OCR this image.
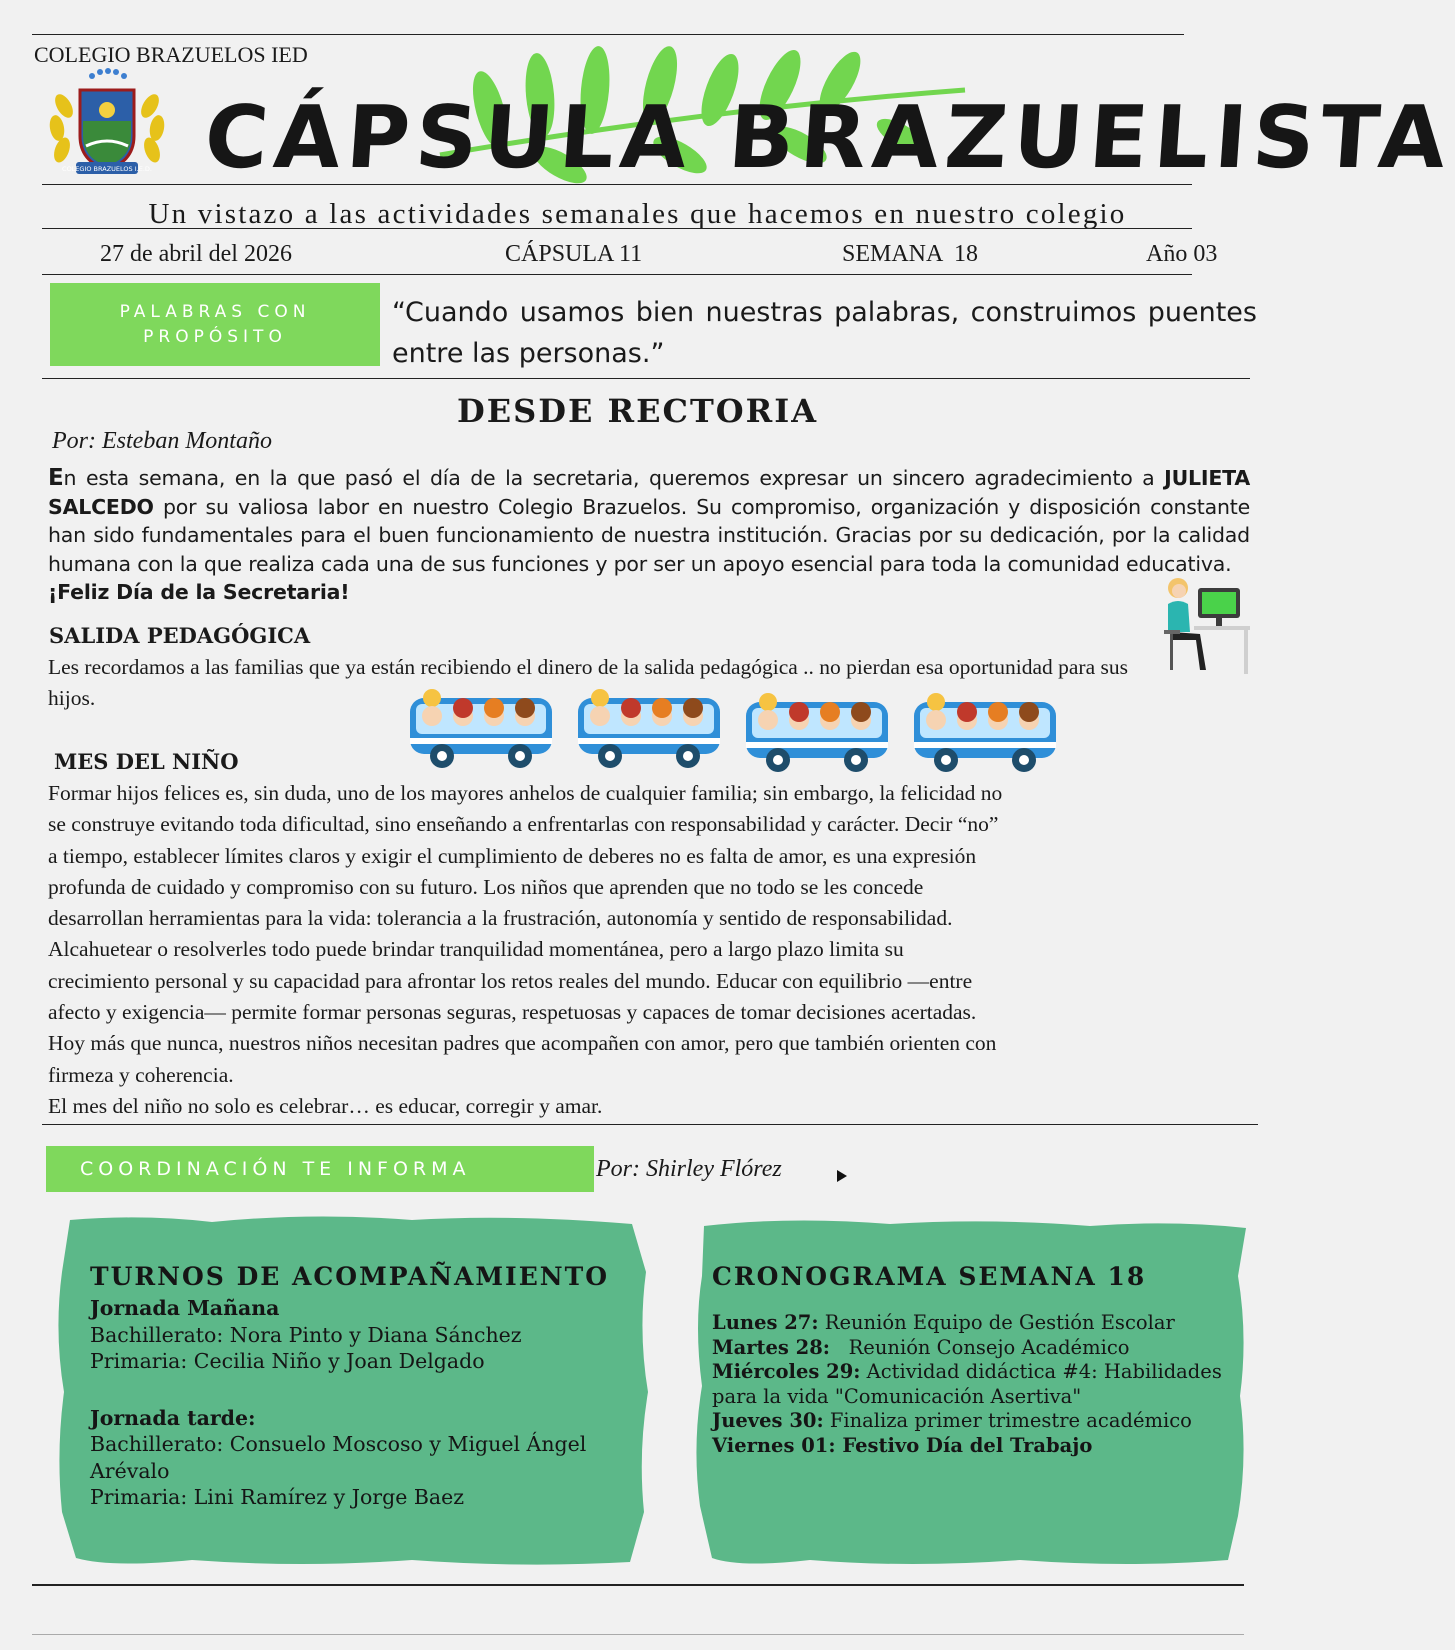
COLEGIO BRAZUELOS IED
COLEGIO BRAZUELOS I.E.D. CÁPSULA BRAZUELISTA
Un vistazo a las actividades semanales que hacemos en nuestro colegio
27 de abril del 2026	CÁPSULA 11	SEMANA  18	Año 03
PALABRAS CON
PROPÓSITO
“Cuando usamos bien nuestras palabras, construimos puentes entre las personas.”
DESDE RECTORIA
Por: Esteban Montaño
En esta semana, en la que pasó el día de la secretaria, queremos expresar un sincero agradecimiento a JULIETA SALCEDO por su valiosa labor en nuestro Colegio Brazuelos. Su compromiso, organización y disposición constante han sido fundamentales para el buen funcionamiento de nuestra institución. Gracias por su dedicación, por la calidad humana con la que realiza cada una de sus funciones y por ser un apoyo esencial para toda la comunidad educativa.
¡Feliz Día de la Secretaria!
SALIDA PEDAGÓGICA
Les recordamos a las familias que ya están recibiendo el dinero de la salida pedagógica .. no pierdan esa oportunidad para sus hijos.
MES DEL NIÑO
Formar hijos felices es, sin duda, uno de los mayores anhelos de cualquier familia; sin embargo, la felicidad no
se construye evitando toda dificultad, sino enseñando a enfrentarlas con responsabilidad y carácter. Decir “no”
a tiempo, establecer límites claros y exigir el cumplimiento de deberes no es falta de amor, es una expresión
profunda de cuidado y compromiso con su futuro. Los niños que aprenden que no todo se les concede
desarrollan herramientas para la vida: tolerancia a la frustración, autonomía y sentido de responsabilidad.
Alcahuetear o resolverles todo puede brindar tranquilidad momentánea, pero a largo plazo limita su
crecimiento personal y su capacidad para afrontar los retos reales del mundo. Educar con equilibrio —entre
afecto y exigencia— permite formar personas seguras, respetuosas y capaces de tomar decisiones acertadas.
Hoy más que nunca, nuestros niños necesitan padres que acompañen con amor, pero que también orienten con
firmeza y coherencia.
El mes del niño no solo es celebrar… es educar, corregir y amar.
COORDINACIÓN TE INFORMA	Por: Shirley Flórez
TURNOS DE ACOMPAÑAMIENTO
Jornada Mañana
Bachillerato: Nora Pinto y Diana Sánchez
Primaria: Cecilia Niño y Joan Delgado
Jornada tarde:
Bachillerato: Consuelo Moscoso y Miguel Ángel
Arévalo
Primaria: Lini Ramírez y Jorge Baez
CRONOGRAMA SEMANA 18
Lunes 27: Reunión Equipo de Gestión Escolar
Martes 28:   Reunión Consejo Académico
Miércoles 29: Actividad didáctica #4: Habilidades
para la vida "Comunicación Asertiva"
Jueves 30: Finaliza primer trimestre académico
Viernes 01: Festivo Día del Trabajo
